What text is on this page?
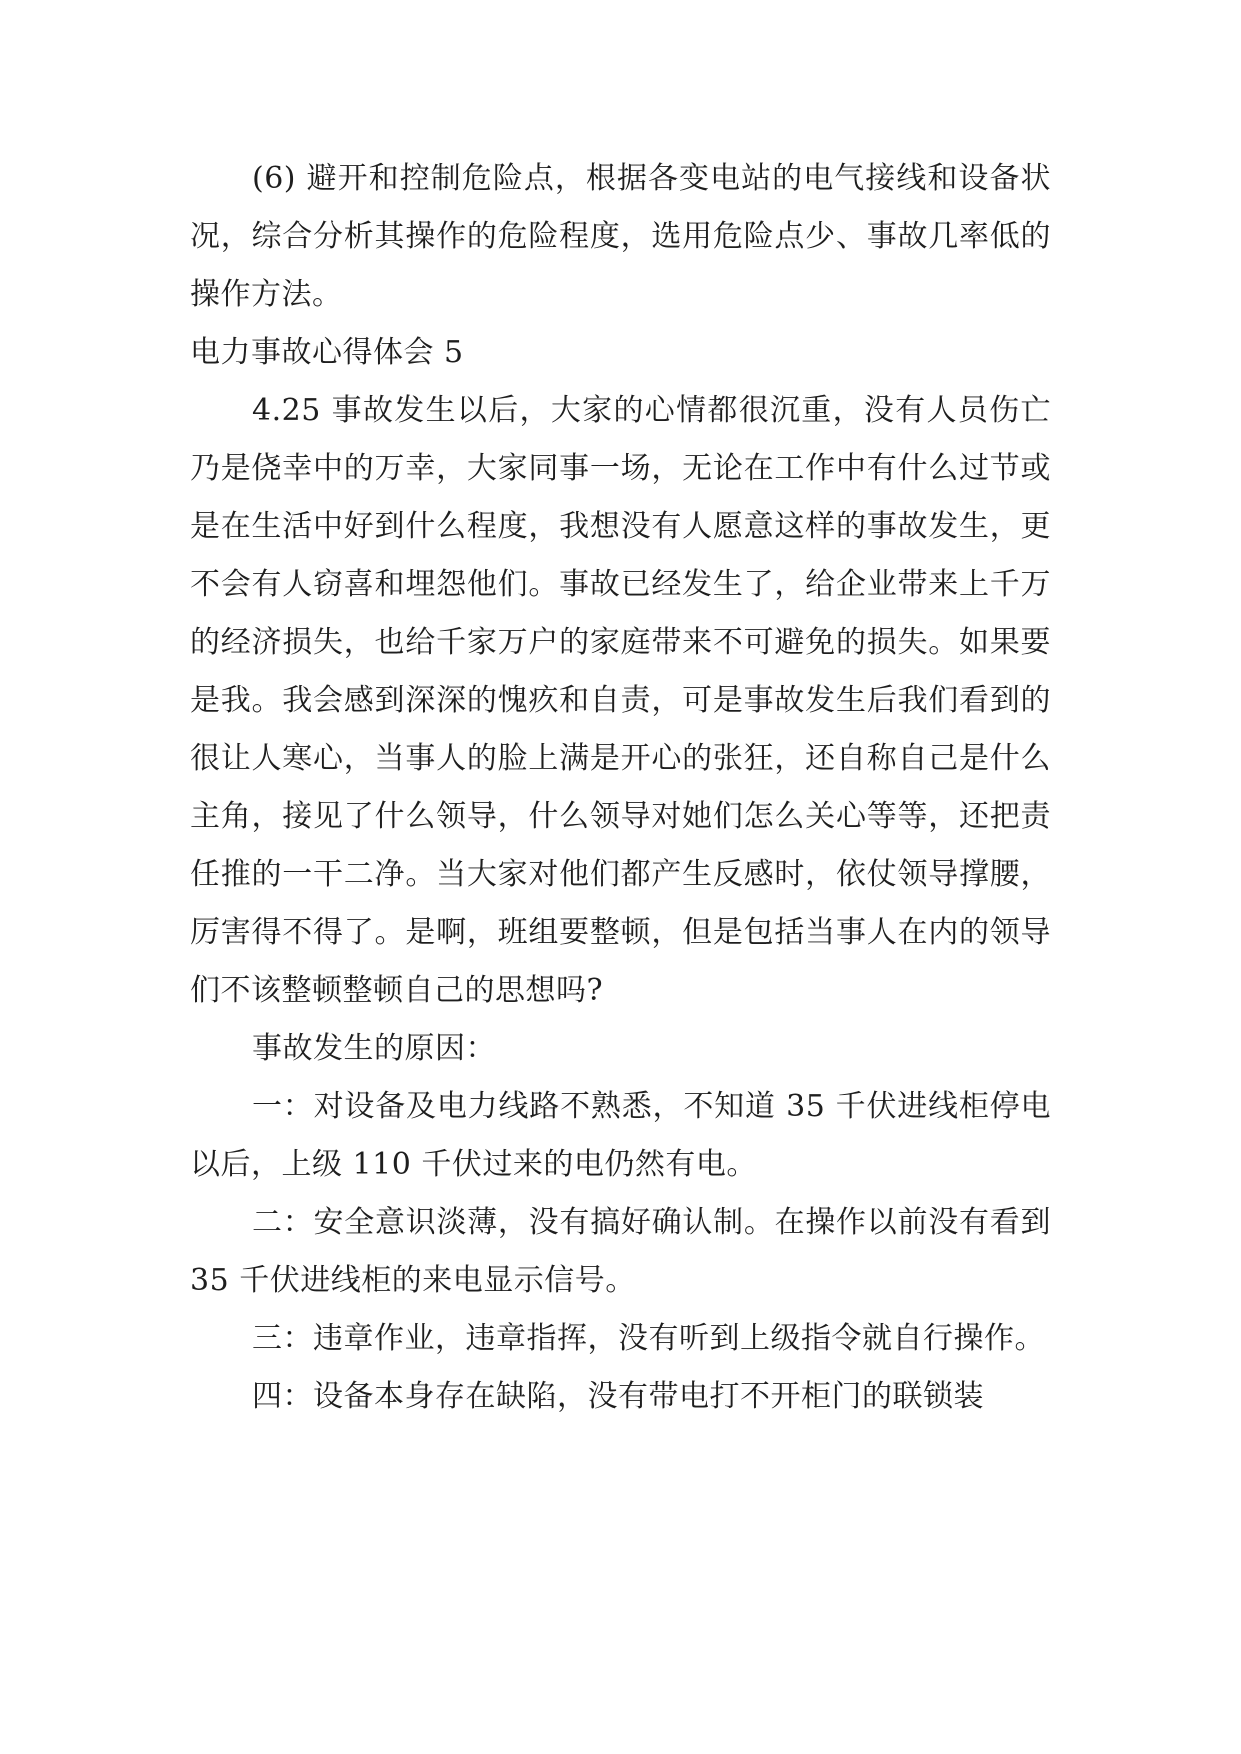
(6) 避开和控制危险点，根据各变电站的电气接线和设备状况，综合分析其操作的危险程度，选用危险点少、事故几率低的操作方法。

电力事故心得体会 5

4.25 事故发生以后，大家的心情都很沉重，没有人员伤亡乃是侥幸中的万幸，大家同事一场，无论在工作中有什么过节或是在生活中好到什么程度，我想没有人愿意这样的事故发生，更不会有人窃喜和埋怨他们。事故已经发生了，给企业带来上千万的经济损失，也给千家万户的家庭带来不可避免的损失。如果要是我。我会感到深深的愧疚和自责，可是事故发生后我们看到的很让人寒心，当事人的脸上满是开心的张狂，还自称自己是什么主角，接见了什么领导，什么领导对她们怎么关心等等，还把责任推的一干二净。当大家对他们都产生反感时，依仗领导撑腰，厉害得不得了。是啊，班组要整顿，但是包括当事人在内的领导们不该整顿整顿自己的思想吗?

事故发生的原因：

一：对设备及电力线路不熟悉，不知道 35 千伏进线柜停电以后，上级 110 千伏过来的电仍然有电。

二：安全意识淡薄，没有搞好确认制。在操作以前没有看到 35 千伏进线柜的来电显示信号。

三：违章作业，违章指挥，没有听到上级指令就自行操作。

四：设备本身存在缺陷，没有带电打不开柜门的联锁装
